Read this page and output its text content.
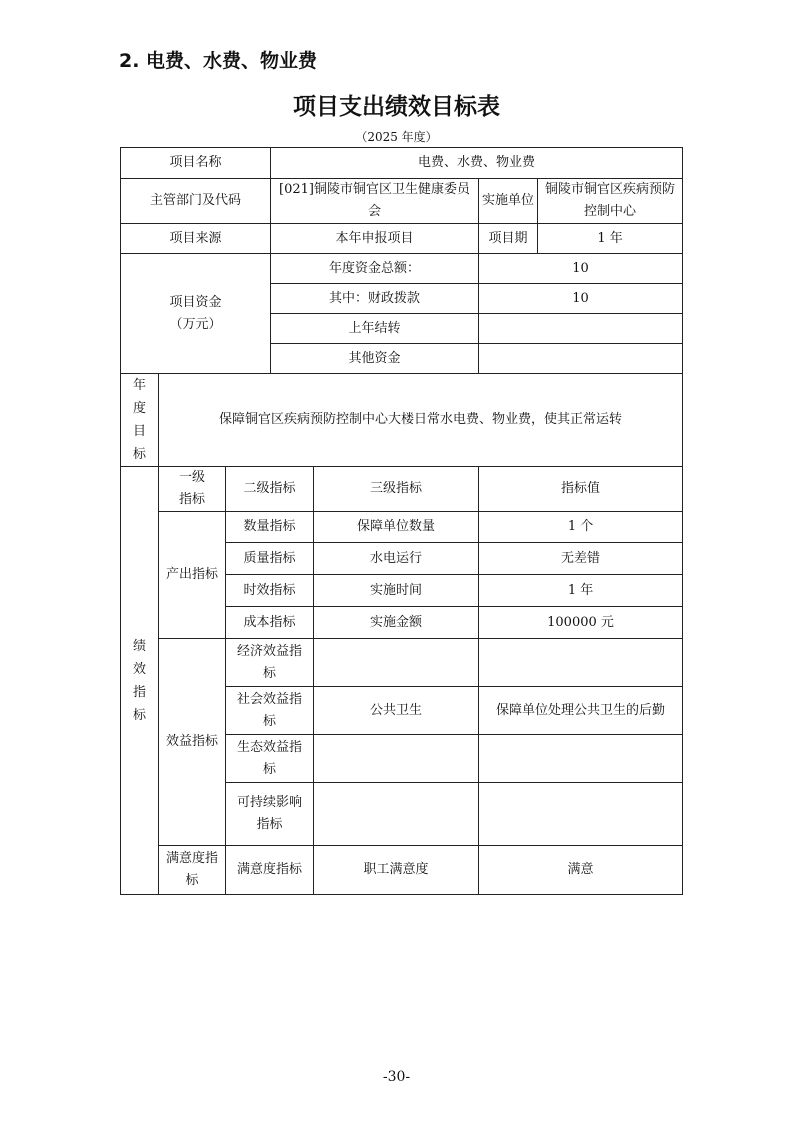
2. 电费、水费、物业费
项目支出绩效目标表
（2025 年度）
项目名称			电费、水费、物业费			
主管部门及代码			[021]铜陵市铜官区卫生健康委员会		实施单位	铜陵市铜官区疾病预防控制中心
项目来源			本年申报项目		项目期	1 年
项目资金（万元）			年度资金总额：		10	
			其中：财政拨款		10	
			上年结转			
			其他资金			
年度目标	保障铜官区疾病预防控制中心大楼日常水电费、物业费，使其正常运转					
绩效指标	一级指标	二级指标		三级指标	指标值	
	产出指标	数量指标		保障单位数量	1 个	
		质量指标		水电运行	无差错	
		时效指标		实施时间	1 年	
		成本指标		实施金额	100000 元	
	效益指标	经济效益指标				
		社会效益指标		公共卫生	保障单位处理公共卫生的后勤	
		生态效益指标				
		可持续影响指标				
	满意度指标	满意度指标		职工满意度	满意	
-30-
